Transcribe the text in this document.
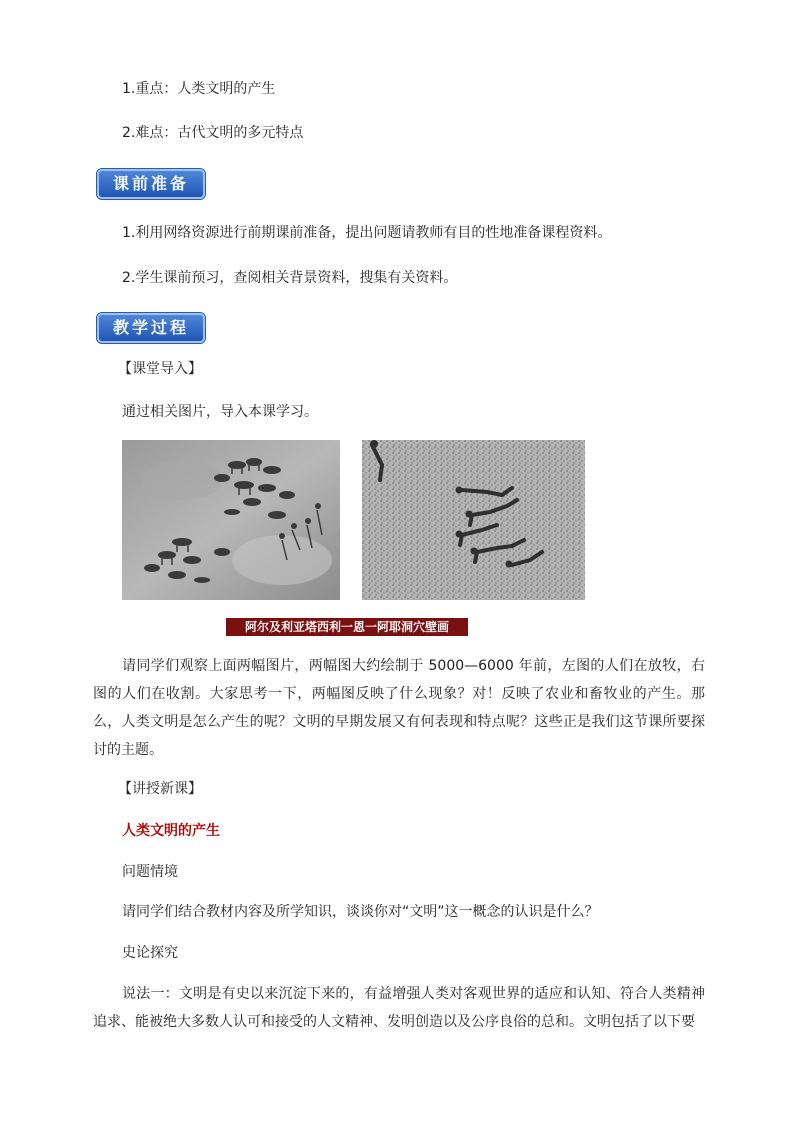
1.重点：人类文明的产生
2.难点：古代文明的多元特点
课前准备
1.利用网络资源进行前期课前准备，提出问题请教师有目的性地准备课程资料。
2.学生课前预习，查阅相关背景资料，搜集有关资料。
教学过程
【课堂导入】
通过相关图片，导入本课学习。
阿尔及利亚塔西利一恩一阿耶洞穴壁画
请同学们观察上面两幅图片，两幅图大约绘制于 5000—6000 年前，左图的人们在放牧，右图的人们在收割。大家思考一下，两幅图反映了什么现象？对！反映了农业和畜牧业的产生。那么，人类文明是怎么产生的呢？文明的早期发展又有何表现和特点呢？这些正是我们这节课所要探讨的主题。
【讲授新课】
人类文明的产生
问题情境
请同学们结合教材内容及所学知识，谈谈你对“文明”这一概念的认识是什么？
史论探究
说法一：文明是有史以来沉淀下来的，有益增强人类对客观世界的适应和认知、符合人类精神追求、能被绝大多数人认可和接受的人文精神、发明创造以及公序良俗的总和。文明包括了以下要
